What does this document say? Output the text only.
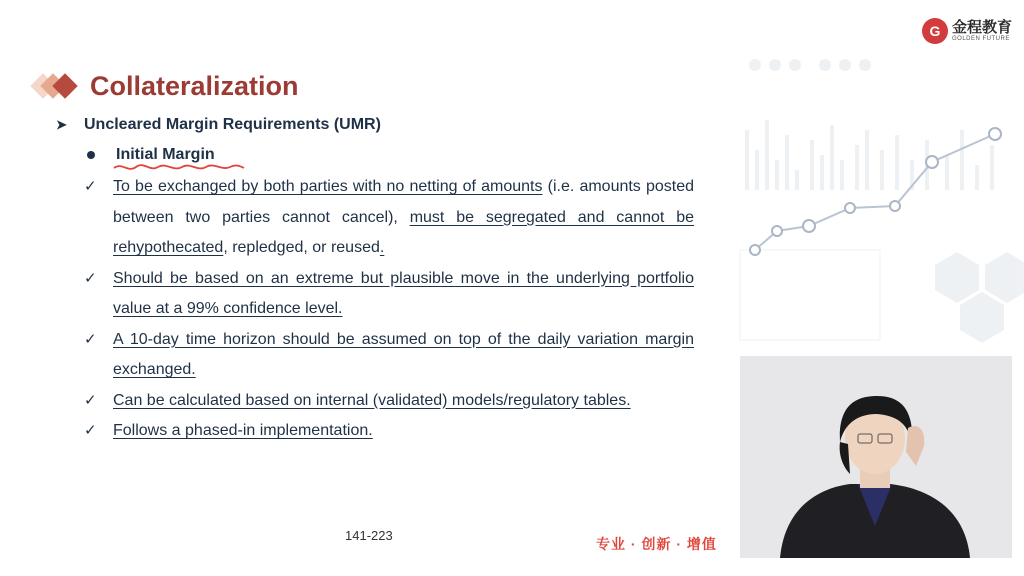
G 金程教育
GOLDEN FUTURE
Collateralization
➤	Uncleared Margin Requirements (UMR)
Initial Margin
✓	To be exchanged by both parties with no netting of amounts (i.e. amounts posted between two parties cannot cancel), must be segregated and cannot be rehypothecated, repledged, or reused.
✓	Should be based on an extreme but plausible move in the underlying portfolio value at a 99% confidence level.
✓	A 10-day time horizon should be assumed on top of the daily variation margin exchanged.
✓	Can be calculated based on internal (validated) models/regulatory tables.
✓	Follows a phased-in implementation.
141-223
专业 · 创新 · 增值
